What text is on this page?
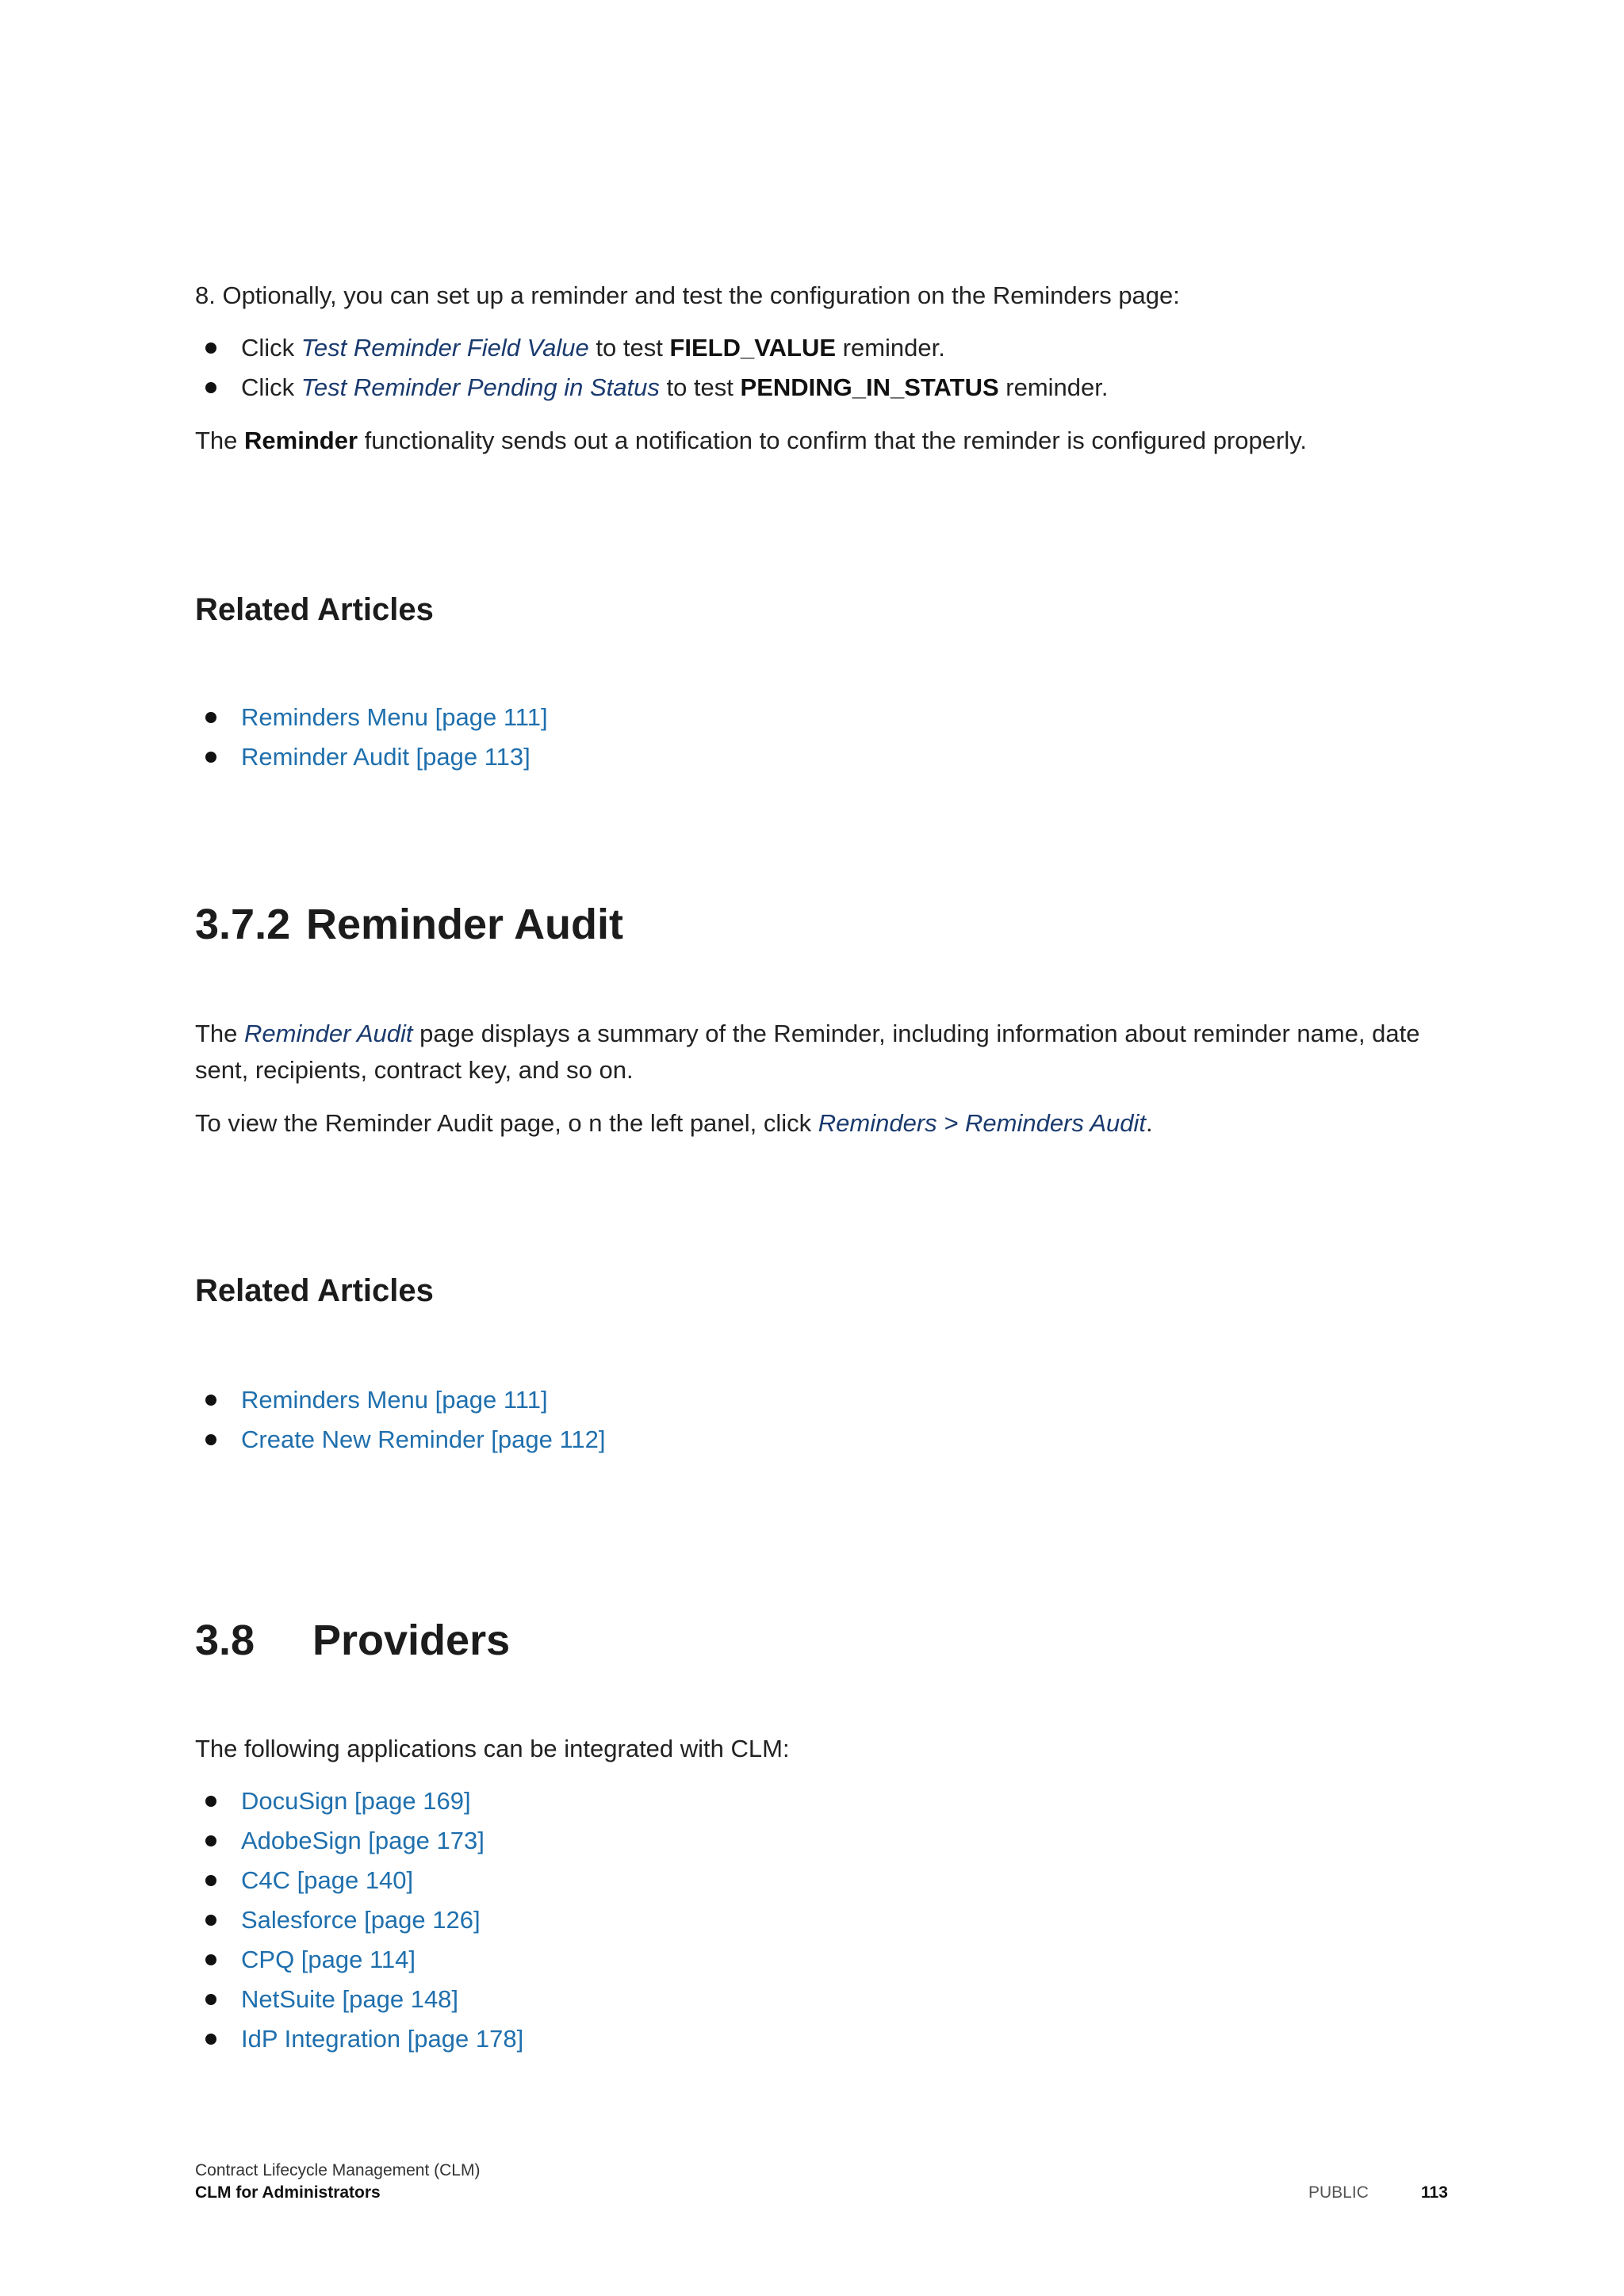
8. Optionally, you can set up a reminder and test the configuration on the Reminders page:

Click Test Reminder Field Value to test FIELD_VALUE reminder.
Click Test Reminder Pending in Status to test PENDING_IN_STATUS reminder.

The Reminder functionality sends out a notification to confirm that the reminder is configured properly.

Related Articles
Reminders Menu [page 111]
Reminder Audit [page 113]
3.7.2 Reminder Audit

The Reminder Audit page displays a summary of the Reminder, including information about reminder name, date sent, recipients, contract key, and so on.

To view the Reminder Audit page, o n the left panel, click Reminders > Reminders Audit.

Related Articles
Reminders Menu [page 111]
Create New Reminder [page 112]
3.8 Providers

The following applications can be integrated with CLM:

DocuSign [page 169]
AdobeSign [page 173]
C4C [page 140]
Salesforce [page 126]
CPQ [page 114]
NetSuite [page 148]
IdP Integration [page 178]
Contract Lifecycle Management (CLM)
CLM for Administrators	PUBLIC	113
